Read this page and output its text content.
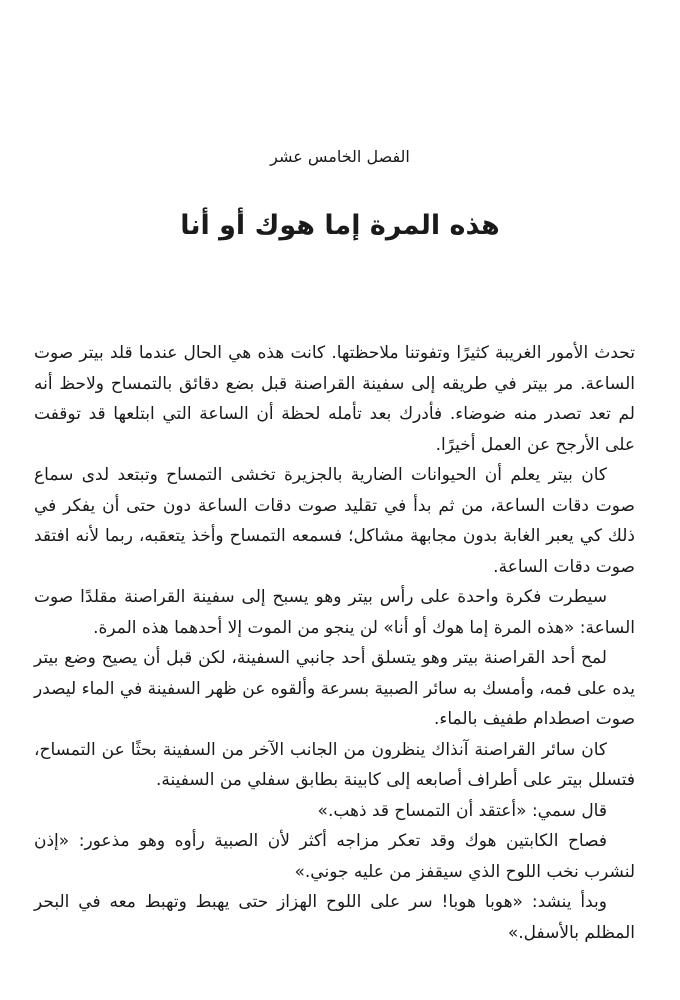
الفصل الخامس عشر
هذه المرة إما هوك أو أنا

تحدث الأمور الغريبة كثيرًا وتفوتنا ملاحظتها. كانت هذه هي الحال عندما قلد بيتر صوت الساعة. مر بيتر في طريقه إلى سفينة القراصنة قبل بضع دقائق بالتمساح ولاحظ أنه لم تعد تصدر منه ضوضاء. فأدرك بعد تأمله لحظة أن الساعة التي ابتلعها قد توقفت على الأرجح عن العمل أخيرًا.

كان بيتر يعلم أن الحيوانات الضارية بالجزيرة تخشى التمساح وتبتعد لدى سماع صوت دقات الساعة، من ثم بدأ في تقليد صوت دقات الساعة دون حتى أن يفكر في ذلك كي يعبر الغابة بدون مجابهة مشاكل؛ فسمعه التمساح وأخذ يتعقبه، ربما لأنه افتقد صوت دقات الساعة.

سيطرت فكرة واحدة على رأس بيتر وهو يسبح إلى سفينة القراصنة مقلدًا صوت الساعة: «هذه المرة إما هوك أو أنا» لن ينجو من الموت إلا أحدهما هذه المرة.

لمح أحد القراصنة بيتر وهو يتسلق أحد جانبي السفينة، لكن قبل أن يصيح وضع بيتر يده على فمه، وأمسك به سائر الصبية بسرعة وألقوه عن ظهر السفينة في الماء ليصدر صوت اصطدام طفيف بالماء.

كان سائر القراصنة آنذاك ينظرون من الجانب الآخر من السفينة بحثًا عن التمساح، فتسلل بيتر على أطراف أصابعه إلى كابينة بطابق سفلي من السفينة.

قال سمي: «أعتقد أن التمساح قد ذهب.»

فصاح الكابتين هوك وقد تعكر مزاجه أكثر لأن الصبية رأوه وهو مذعور: «إذن لنشرب نخب اللوح الذي سيقفز من عليه جوني.»

وبدأ ينشد: «هوبا هوبا! سر على اللوح الهزاز حتى يهبط وتهبط معه في البحر المظلم بالأسفل.»
